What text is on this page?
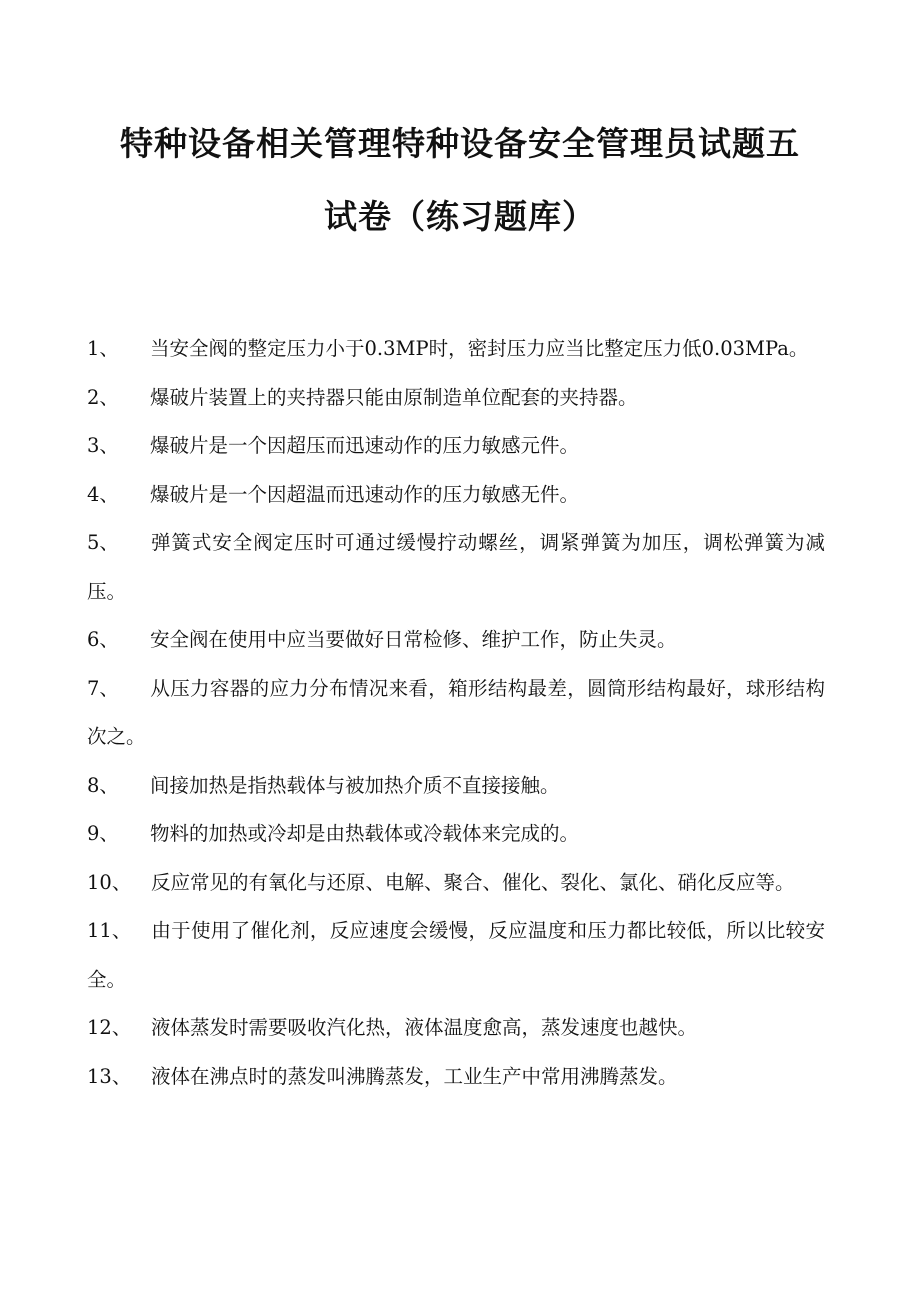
特种设备相关管理特种设备安全管理员试题五
试卷（练习题库）
1、 当安全阀的整定压力小于0.3MP时，密封压力应当比整定压力低0.03MPa。
2、 爆破片装置上的夹持器只能由原制造单位配套的夹持器。
3、 爆破片是一个因超压而迅速动作的压力敏感元件。
4、 爆破片是一个因超温而迅速动作的压力敏感无件。
5、 弹簧式安全阀定压时可通过缓慢拧动螺丝，调紧弹簧为加压，调松弹簧为减压。
6、 安全阀在使用中应当要做好日常检修、维护工作，防止失灵。
7、 从压力容器的应力分布情况来看，箱形结构最差，圆筒形结构最好，球形结构次之。
8、 间接加热是指热载体与被加热介质不直接接触。
9、 物料的加热或冷却是由热载体或冷载体来完成的。
10、 反应常见的有氧化与还原、电解、聚合、催化、裂化、氯化、硝化反应等。
11、 由于使用了催化剂，反应速度会缓慢，反应温度和压力都比较低，所以比较安全。
12、 液体蒸发时需要吸收汽化热，液体温度愈高，蒸发速度也越快。
13、 液体在沸点时的蒸发叫沸腾蒸发，工业生产中常用沸腾蒸发。
